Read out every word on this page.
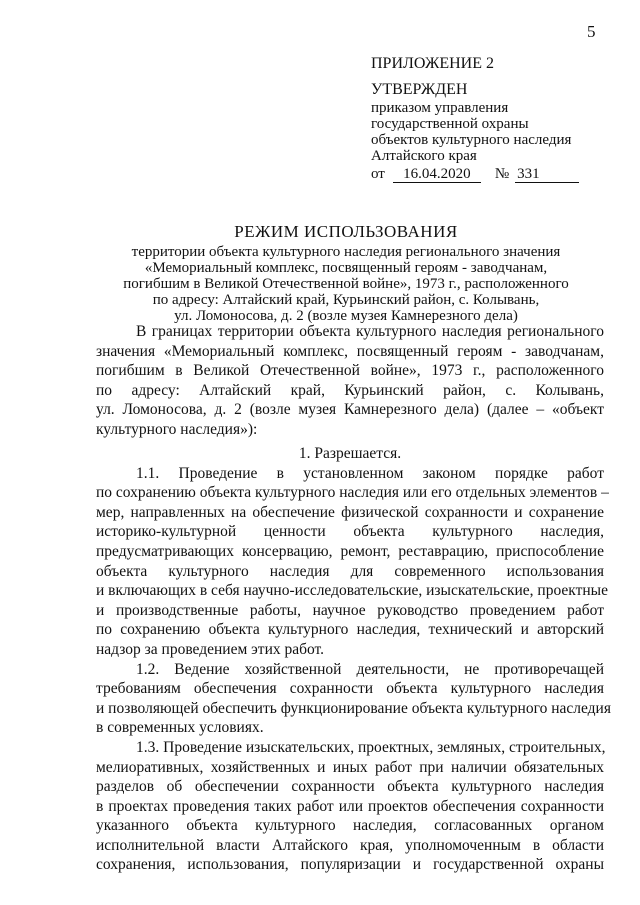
5
ПРИЛОЖЕНИЕ 2
УТВЕРЖДЕН
приказом управления
государственной охраны
объектов культурного наследия
Алтайского края
от 16.04.2020 № 331
РЕЖИМ ИСПОЛЬЗОВАНИЯ
территории объекта культурного наследия регионального значения
«Мемориальный комплекс, посвященный героям - заводчанам,
погибшим в Великой Отечественной войне», 1973 г., расположенного
по адресу: Алтайский край, Курьинский район, с. Колывань,
ул. Ломоносова, д. 2 (возле музея Камнерезного дела)
В границах территории объекта культурного наследия регионального
значения «Мемориальный комплекс, посвященный героям - заводчанам,
погибшим в Великой Отечественной войне», 1973 г., расположенного
по адресу: Алтайский край, Курьинский район, с. Колывань,
ул. Ломоносова, д. 2 (возле музея Камнерезного дела) (далее – «объект
культурного наследия»):
1. Разрешается.
1.1. Проведение в установленном законом порядке работ
по сохранению объекта культурного наследия или его отдельных элементов –
мер, направленных на обеспечение физической сохранности и сохранение
историко-культурной ценности объекта культурного наследия,
предусматривающих консервацию, ремонт, реставрацию, приспособление
объекта культурного наследия для современного использования
и включающих в себя научно-исследовательские, изыскательские, проектные
и производственные работы, научное руководство проведением работ
по сохранению объекта культурного наследия, технический и авторский
надзор за проведением этих работ.
1.2. Ведение хозяйственной деятельности, не противоречащей
требованиям обеспечения сохранности объекта культурного наследия
и позволяющей обеспечить функционирование объекта культурного наследия
в современных условиях.
1.3. Проведение изыскательских, проектных, земляных, строительных,
мелиоративных, хозяйственных и иных работ при наличии обязательных
разделов об обеспечении сохранности объекта культурного наследия
в проектах проведения таких работ или проектов обеспечения сохранности
указанного объекта культурного наследия, согласованных органом
исполнительной власти Алтайского края, уполномоченным в области
сохранения, использования, популяризации и государственной охраны
